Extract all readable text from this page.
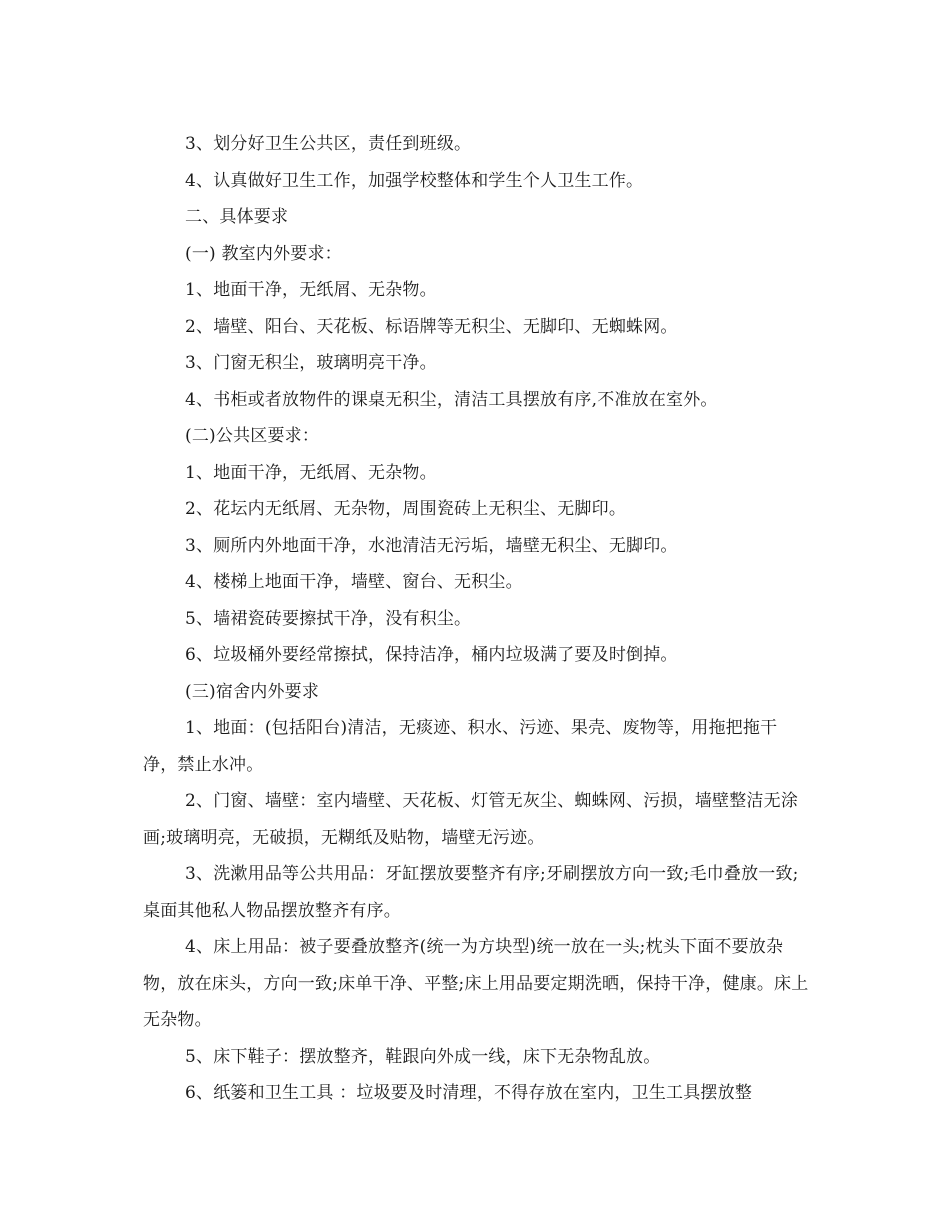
3、划分好卫生公共区，责任到班级。

4、认真做好卫生工作，加强学校整体和学生个人卫生工作。

二、具体要求

(一) 教室内外要求：

1、地面干净，无纸屑、无杂物。

2、墙壁、阳台、天花板、标语牌等无积尘、无脚印、无蜘蛛网。

3、门窗无积尘，玻璃明亮干净。

4、书柜或者放物件的课桌无积尘，清洁工具摆放有序,不准放在室外。

(二)公共区要求：

1、地面干净，无纸屑、无杂物。

2、花坛内无纸屑、无杂物，周围瓷砖上无积尘、无脚印。

3、厕所内外地面干净，水池清洁无污垢，墙壁无积尘、无脚印。

4、楼梯上地面干净，墙壁、窗台、无积尘。

5、墙裙瓷砖要擦拭干净，没有积尘。

6、垃圾桶外要经常擦拭，保持洁净，桶内垃圾满了要及时倒掉。

(三)宿舍内外要求

1、地面：(包括阳台)清洁，无痰迹、积水、污迹、果壳、废物等，用拖把拖干净，禁止水冲。

2、门窗、墙壁：室内墙壁、天花板、灯管无灰尘、蜘蛛网、污损，墙壁整洁无涂画;玻璃明亮，无破损，无糊纸及贴物，墙壁无污迹。

3、洗漱用品等公共用品：牙缸摆放要整齐有序;牙刷摆放方向一致;毛巾叠放一致;桌面其他私人物品摆放整齐有序。

4、床上用品：被子要叠放整齐(统一为方块型)统一放在一头;枕头下面不要放杂物，放在床头，方向一致;床单干净、平整;床上用品要定期洗晒，保持干净，健康。床上无杂物。

5、床下鞋子：摆放整齐，鞋跟向外成一线，床下无杂物乱放。

6、纸篓和卫生工具 ：垃圾要及时清理，不得存放在室内，卫生工具摆放整
